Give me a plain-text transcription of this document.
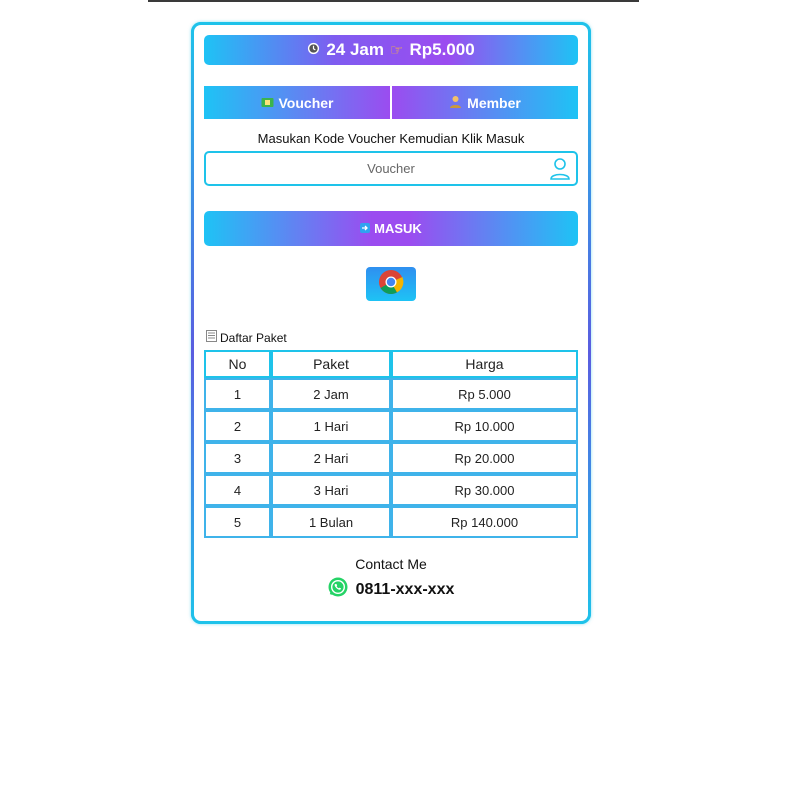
24 Jam ☞ Rp5.000
Voucher	Member
Masukan Kode Voucher Kemudian Klik Masuk
Voucher
MASUK
Daftar Paket
No	Paket	Harga
1	2 Jam	Rp 5.000
2	1 Hari	Rp 10.000
3	2 Hari	Rp 20.000
4	3 Hari	Rp 30.000
5	1 Bulan	Rp 140.000
Contact Me
0811-xxx-xxx
